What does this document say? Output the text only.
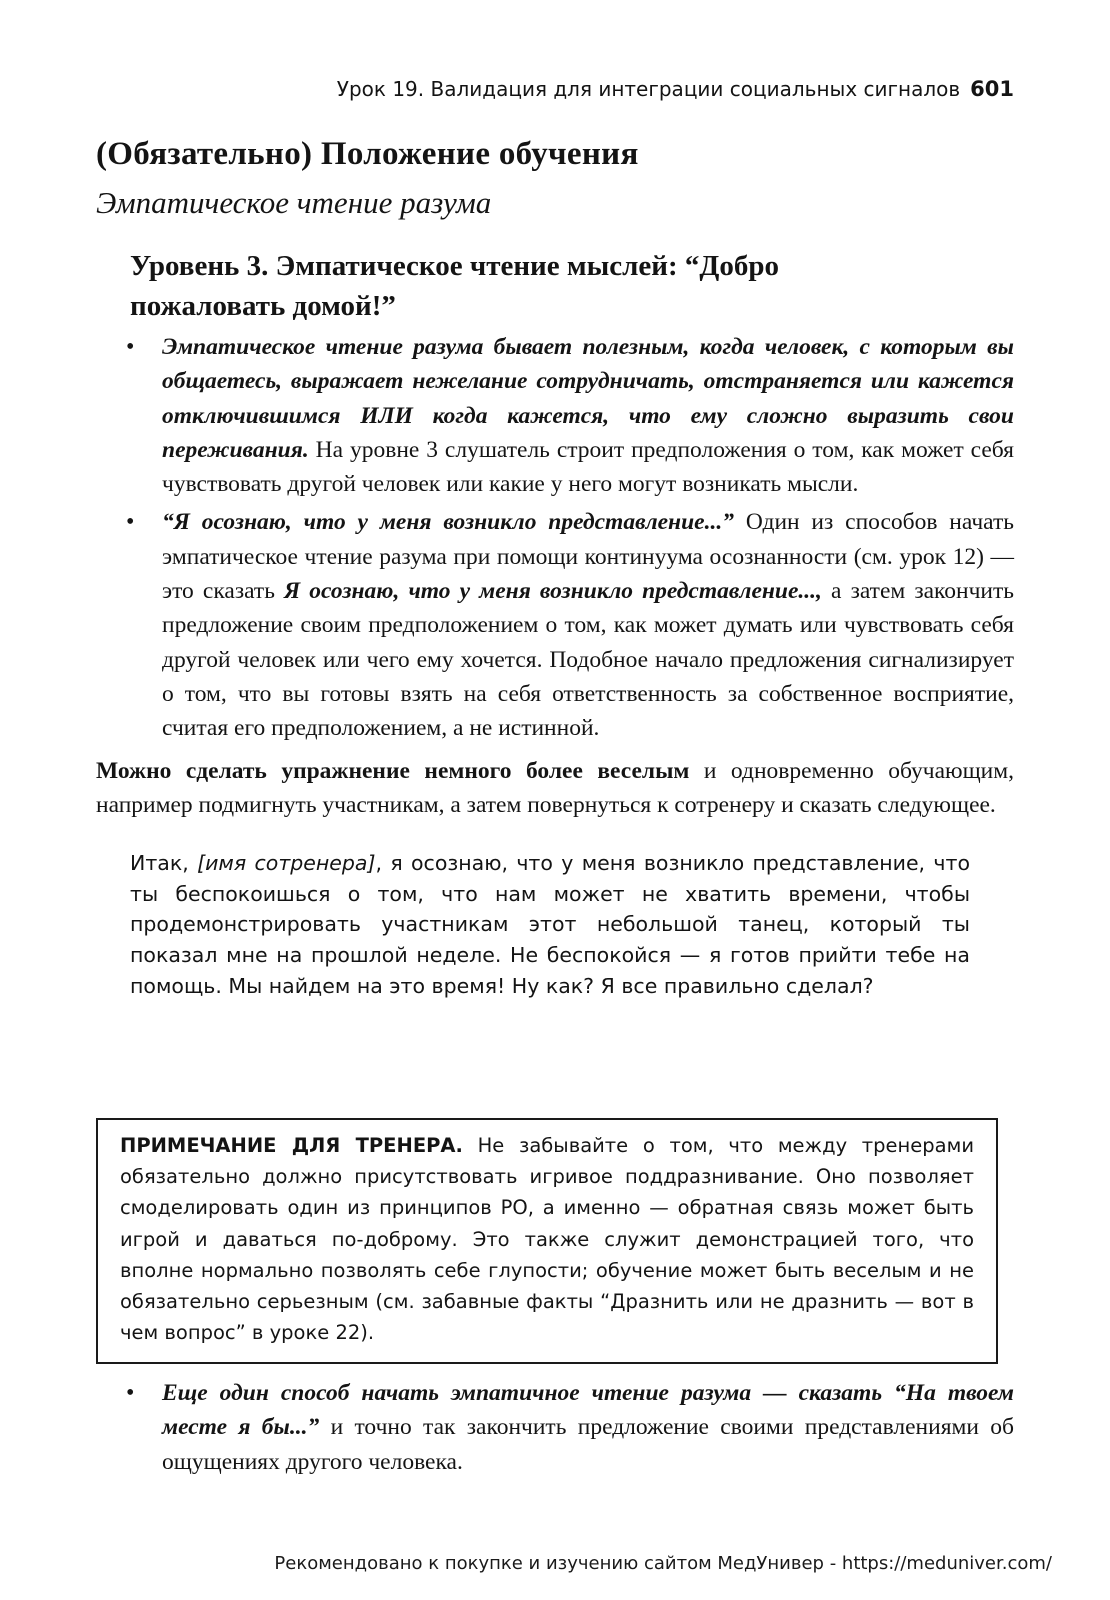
Урок 19. Валидация для интеграции социальных сигналов 601
(Обязательно) Положение обучения
Эмпатическое чтение разума
Уровень 3. Эмпатическое чтение мыслей: “Добро пожаловать домой!”
• Эмпатическое чтение разума бывает полезным, когда человек, с которым вы общаетесь, выражает нежелание сотрудничать, отстраняется или кажется отключившимся ИЛИ когда кажется, что ему сложно выразить свои переживания. На уровне 3 слушатель строит предположения о том, как может себя чувствовать другой человек или какие у него могут возникать мысли.
• “Я осознаю, что у меня возникло представление...” Один из способов начать эмпатическое чтение разума при помощи континуума осознанности (см. урок 12) — это сказать Я осознаю, что у меня возникло представление..., а затем закончить предложение своим предположением о том, как может думать или чувствовать себя другой человек или чего ему хочется. Подобное начало предложения сигнализирует о том, что вы готовы взять на себя ответственность за собственное восприятие, считая его предположением, а не истинной.
Можно сделать упражнение немного более веселым и одновременно обучающим, например подмигнуть участникам, а затем повернуться к сотренеру и сказать следующее.
Итак, [имя сотренера], я осознаю, что у меня возникло представление, что ты беспокоишься о том, что нам может не хватить времени, чтобы продемонстрировать участникам этот небольшой танец, который ты показал мне на прошлой неделе. Не беспокойся — я готов прийти тебе на помощь. Мы найдем на это время! Ну как? Я все правильно сделал?
ПРИМЕЧАНИЕ ДЛЯ ТРЕНЕРА. Не забывайте о том, что между тренерами обязательно должно присутствовать игривое поддразнивание. Оно позволяет смоделировать один из принципов РО, а именно — обратная связь может быть игрой и даваться по-доброму. Это также служит демонстрацией того, что вполне нормально позволять себе глупости; обучение может быть веселым и не обязательно серьезным (см. забавные факты “Дразнить или не дразнить — вот в чем вопрос” в уроке 22).
• Еще один способ начать эмпатичное чтение разума — сказать “На твоем месте я бы...” и точно так закончить предложение своими представлениями об ощущениях другого человека.
Рекомендовано к покупке и изучению сайтом МедУнивер - https://meduniver.com/
